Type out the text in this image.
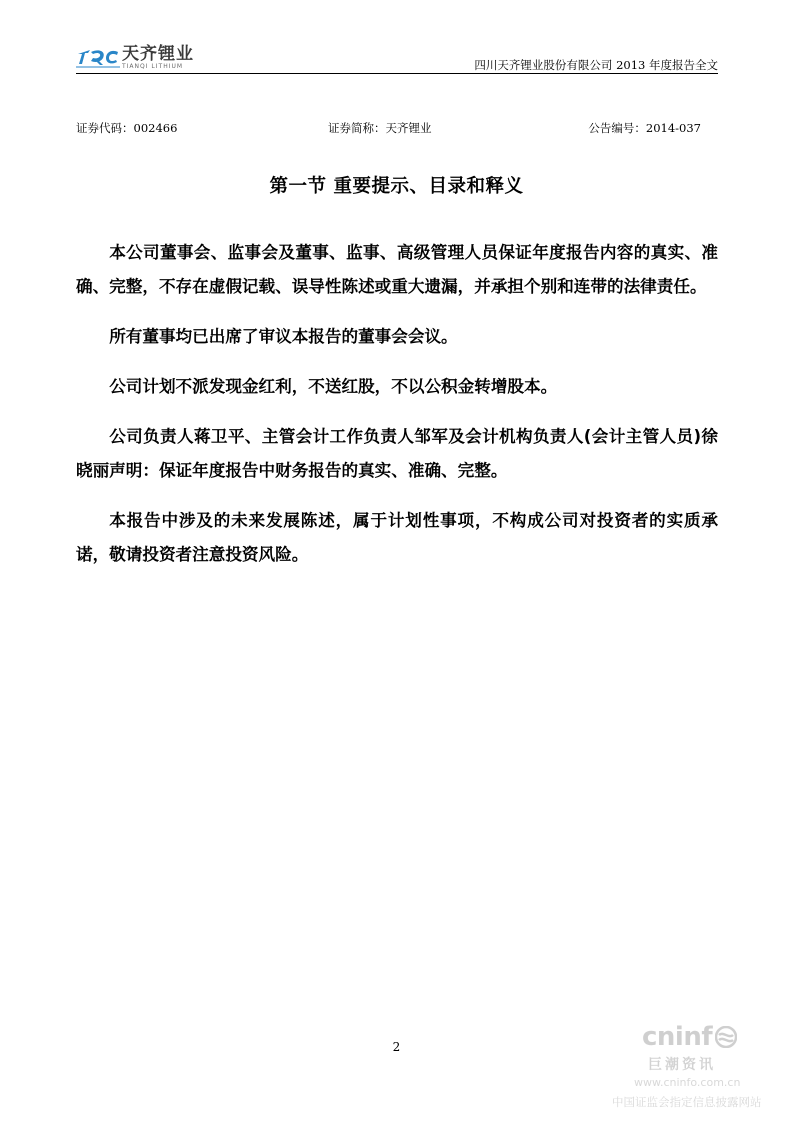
天齐锂业
TIANQI LITHIUM	四川天齐锂业股份有限公司 2013 年度报告全文
证券代码：002466	证券简称：天齐锂业	公告编号：2014-037
第一节 重要提示、目录和释义

本公司董事会、监事会及董事、监事、高级管理人员保证年度报告内容的真实、准确、完整，不存在虚假记载、误导性陈述或重大遗漏，并承担个别和连带的法律责任。

所有董事均已出席了审议本报告的董事会会议。

公司计划不派发现金红利，不送红股，不以公积金转增股本。

公司负责人蒋卫平、主管会计工作负责人邹军及会计机构负责人(会计主管人员)徐晓丽声明：保证年度报告中财务报告的真实、准确、完整。

本报告中涉及的未来发展陈述，属于计划性事项，不构成公司对投资者的实质承诺，敬请投资者注意投资风险。

2	cninf
巨潮资讯
www.cninfo.com.cn
中国证监会指定信息披露网站
